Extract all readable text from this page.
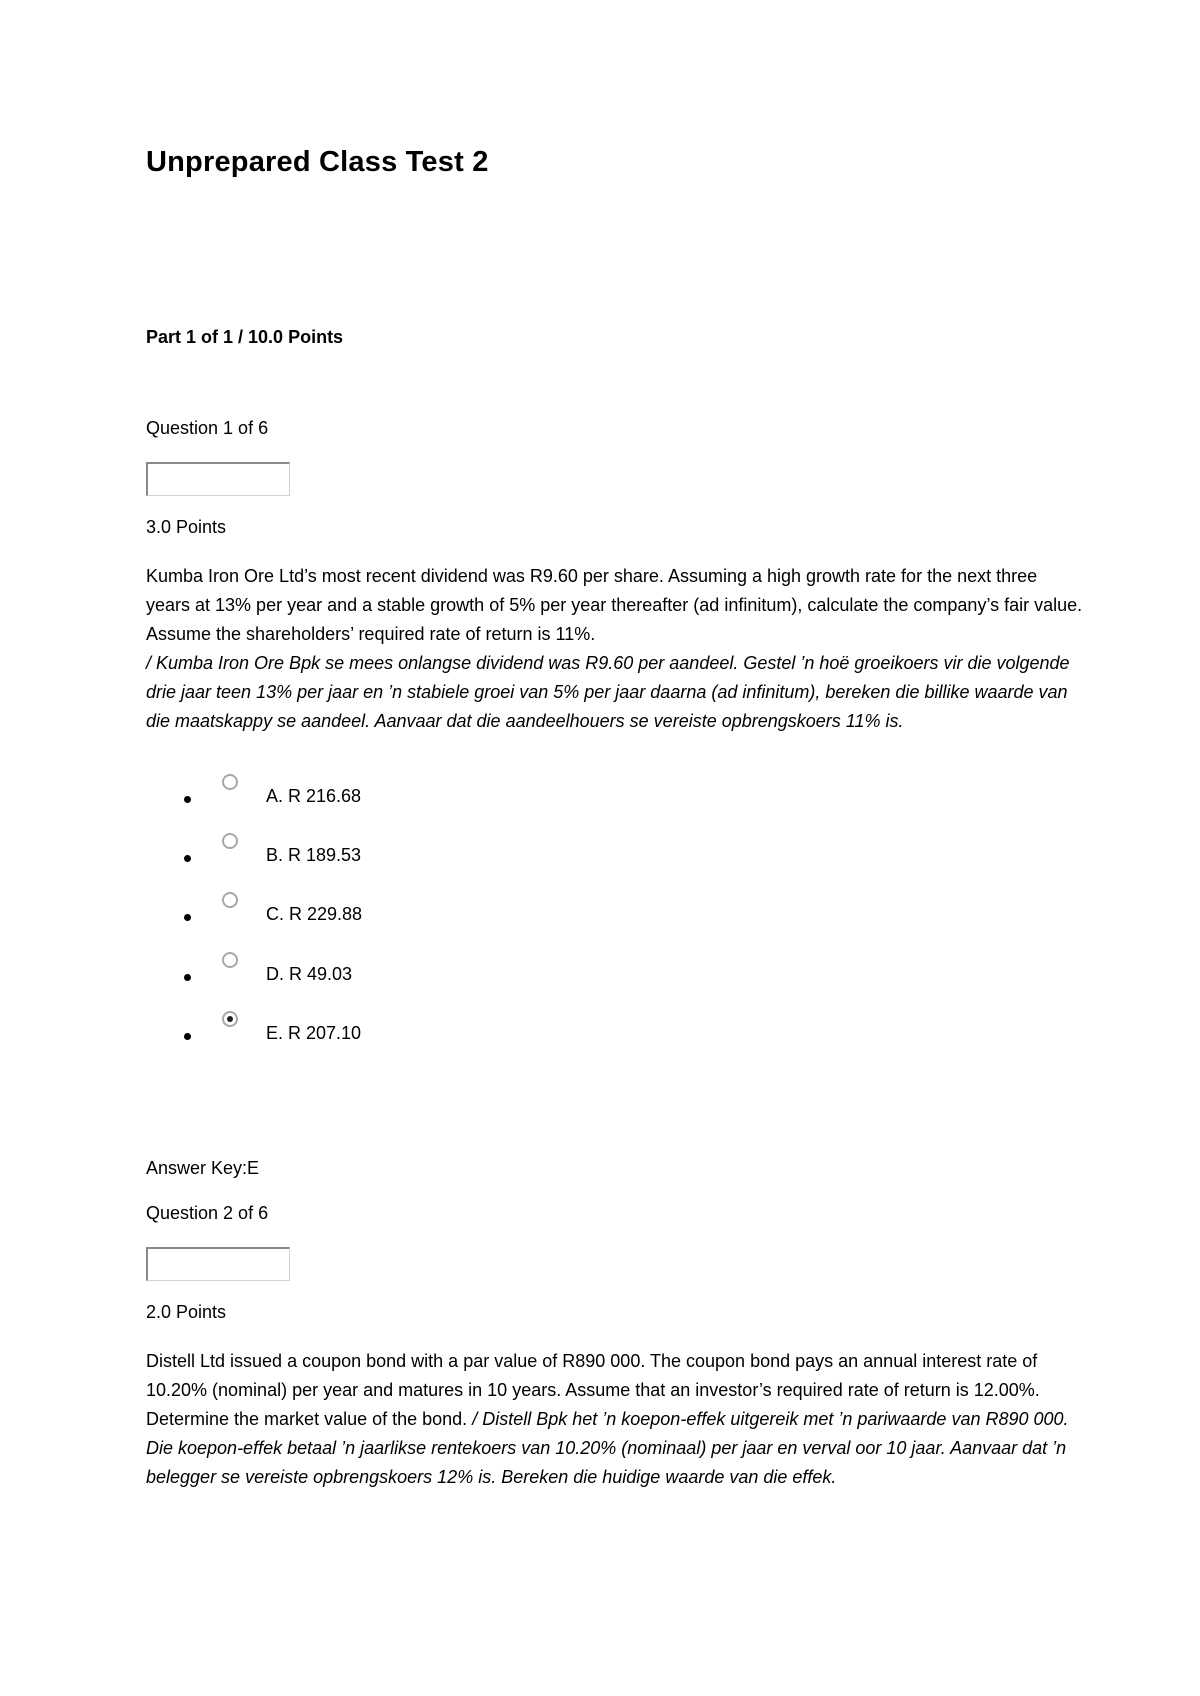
Unprepared Class Test 2
Part 1 of 1 / 10.0 Points

Question 1 of 6

3.0 Points

Kumba Iron Ore Ltd’s most recent dividend was R9.60 per share. Assuming a high growth rate for the next three years at 13% per year and a stable growth of 5% per year thereafter (ad infinitum), calculate the company’s fair value. Assume the shareholders’ required rate of return is 11%.
/ Kumba Iron Ore Bpk se mees onlangse dividend was R9.60 per aandeel. Gestel ’n hoë groeikoers vir die volgende drie jaar teen 13% per jaar en ’n stabiele groei van 5% per jaar daarna (ad infinitum), bereken die billike waarde van die maatskappy se aandeel. Aanvaar dat die aandeelhouers se vereiste opbrengskoers 11% is.

A. R 216.68
B. R 189.53
C. R 229.88
D. R 49.03
E. R 207.10

Answer Key:E

Question 2 of 6

2.0 Points

Distell Ltd issued a coupon bond with a par value of R890 000. The coupon bond pays an annual interest rate of 10.20% (nominal) per year and matures in 10 years. Assume that an investor’s required rate of return is 12.00%. Determine the market value of the bond. / Distell Bpk het ’n koepon-effek uitgereik met ’n pariwaarde van R890 000. Die koepon-effek betaal ’n jaarlikse rentekoers van 10.20% (nominaal) per jaar en verval oor 10 jaar. Aanvaar dat ’n belegger se vereiste opbrengskoers 12% is. Bereken die huidige waarde van die effek.
